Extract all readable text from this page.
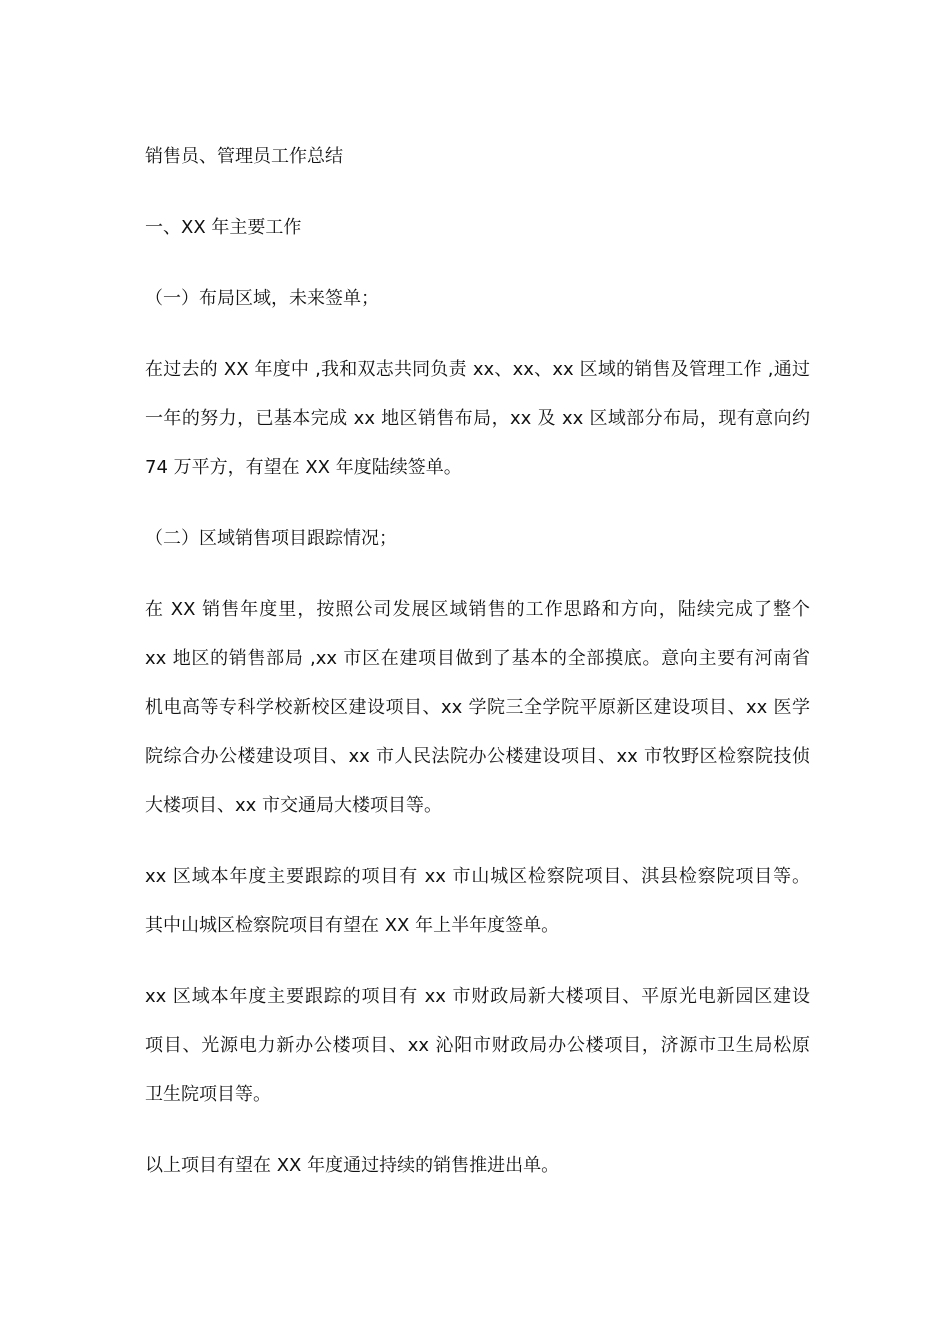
销售员、管理员工作总结
一、XX 年主要工作
（一）布局区域，未来签单；
在过去的 XX 年度中 ,我和双志共同负责 xx、xx、xx 区域的销售及管理工作 ,通过
一年的努力，已基本完成 xx 地区销售布局，xx 及 xx 区域部分布局，现有意向约
74 万平方，有望在 XX 年度陆续签单。
（二）区域销售项目跟踪情况；
在 XX 销售年度里，按照公司发展区域销售的工作思路和方向，陆续完成了整个
xx 地区的销售部局 ,xx 市区在建项目做到了基本的全部摸底。意向主要有河南省
机电高等专科学校新校区建设项目、xx 学院三全学院平原新区建设项目、xx 医学
院综合办公楼建设项目、xx 市人民法院办公楼建设项目、xx 市牧野区检察院技侦
大楼项目、xx 市交通局大楼项目等。
xx 区域本年度主要跟踪的项目有 xx 市山城区检察院项目、淇县检察院项目等。
其中山城区检察院项目有望在 XX 年上半年度签单。
xx 区域本年度主要跟踪的项目有 xx 市财政局新大楼项目、平原光电新园区建设
项目、光源电力新办公楼项目、xx 沁阳市财政局办公楼项目，济源市卫生局松原
卫生院项目等。
以上项目有望在 XX 年度通过持续的销售推进出单。
